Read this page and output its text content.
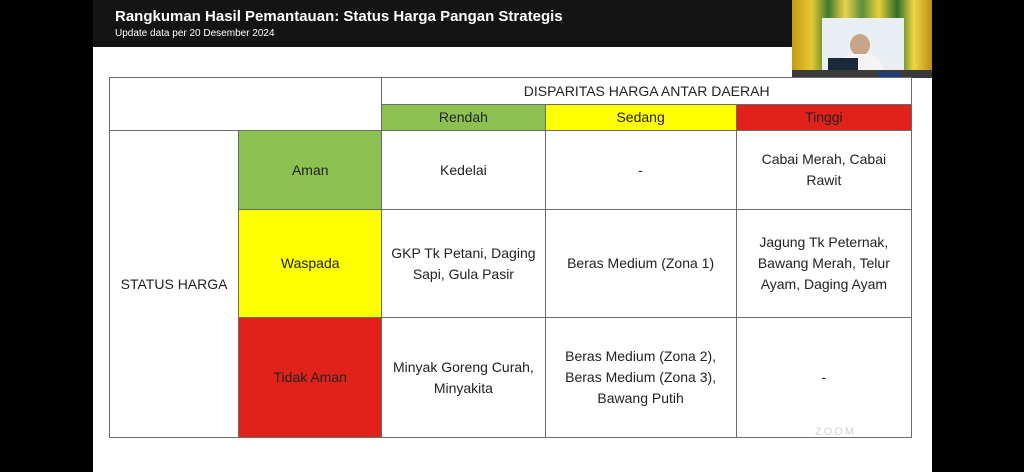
Rangkuman Hasil Pemantauan: Status Harga Pangan Strategis
Update data per 20 Desember 2024
		DISPARITAS HARGA ANTAR DAERAH		
		Rendah	Sedang	Tinggi
STATUS HARGA	Aman	Kedelai	-	Cabai Merah, Cabai Rawit
	Waspada	GKP Tk Petani, Daging Sapi, Gula Pasir	Beras Medium (Zona 1)	Jagung Tk Peternak, Bawang Merah, Telur Ayam, Daging Ayam
	Tidak Aman	Minyak Goreng Curah, Minyakita	Beras Medium (Zona 2), Beras Medium (Zona 3), Bawang Putih	-
ZOOM
